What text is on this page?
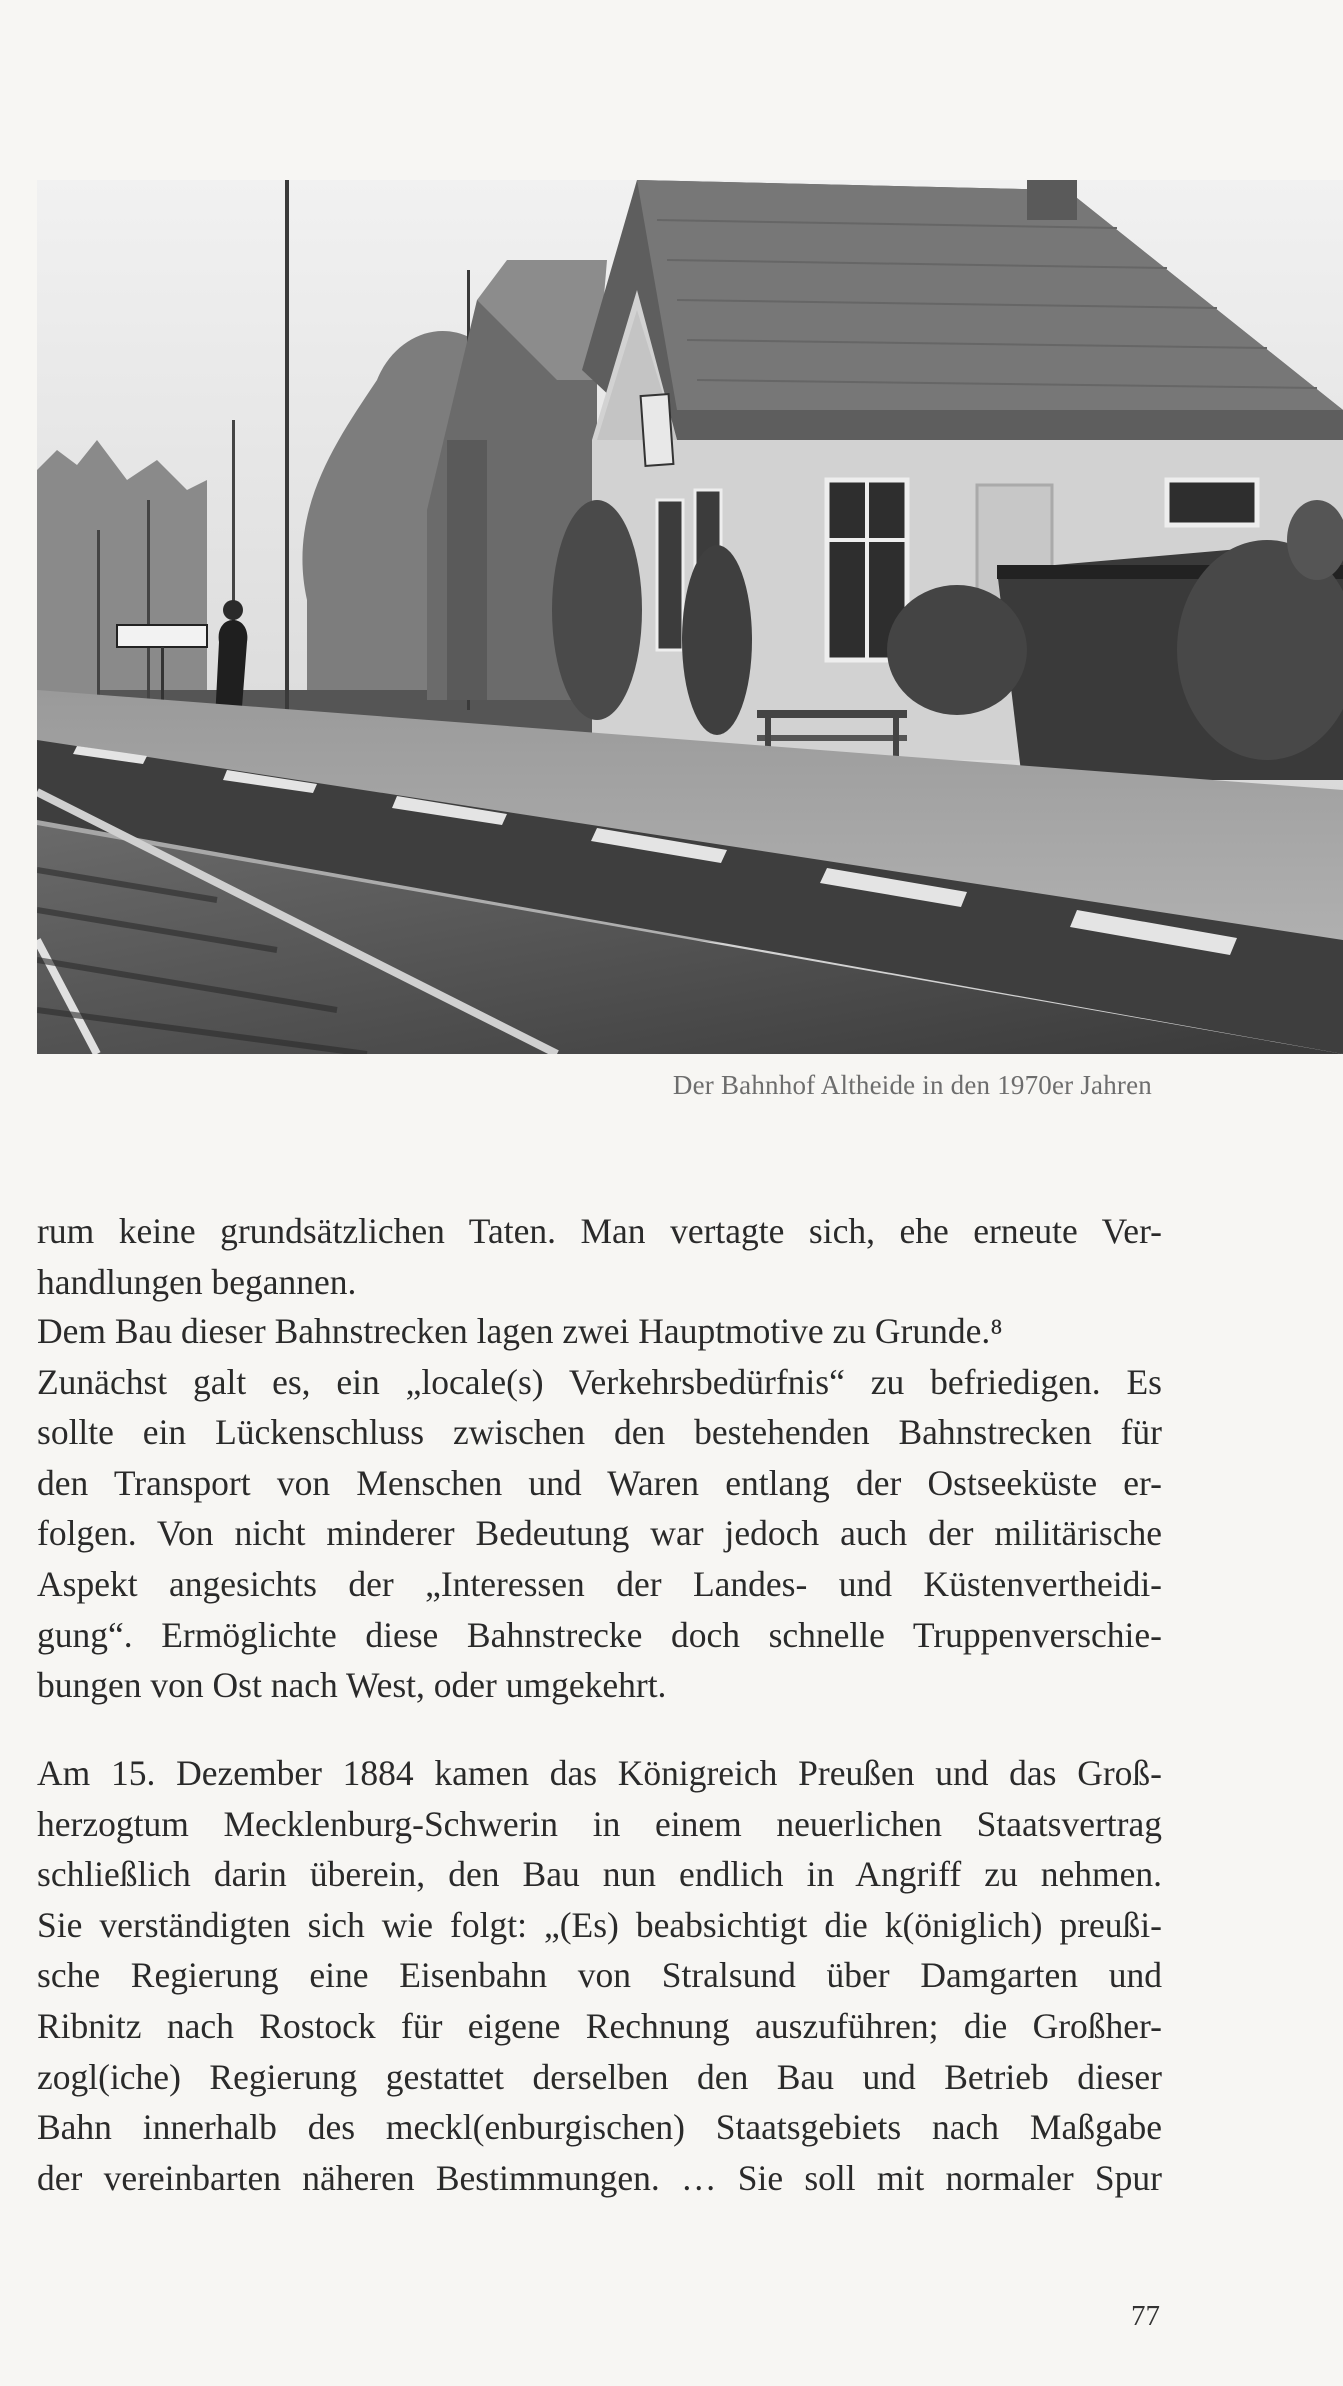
Der Bahnhof Altheide in den 1970er Jahren
rum keine grundsätzlichen Taten. Man vertagte sich, ehe erneute Ver-
handlungen begannen.
Dem Bau dieser Bahnstrecken lagen zwei Hauptmotive zu Grunde.⁸
Zunächst galt es, ein „locale(s) Verkehrsbedürfnis“ zu befriedigen. Es
sollte ein Lückenschluss zwischen den bestehenden Bahnstrecken für
den Transport von Menschen und Waren entlang der Ostseeküste er-
folgen. Von nicht minderer Bedeutung war jedoch auch der militärische
Aspekt angesichts der „Interessen der Landes- und Küstenvertheidi-
gung“. Ermöglichte diese Bahnstrecke doch schnelle Truppenverschie-
bungen von Ost nach West, oder umgekehrt.
Am 15. Dezember 1884 kamen das Königreich Preußen und das Groß-
herzogtum Mecklenburg-Schwerin in einem neuerlichen Staatsvertrag
schließlich darin überein, den Bau nun endlich in Angriff zu nehmen.
Sie verständigten sich wie folgt: „(Es) beabsichtigt die k(öniglich) preußi-
sche Regierung eine Eisenbahn von Stralsund über Damgarten und
Ribnitz nach Rostock für eigene Rechnung auszuführen; die Großher-
zogl(iche) Regierung gestattet derselben den Bau und Betrieb dieser
Bahn innerhalb des meckl(enburgischen) Staatsgebiets nach Maßgabe
der vereinbarten näheren Bestimmungen. … Sie soll mit normaler Spur
77
